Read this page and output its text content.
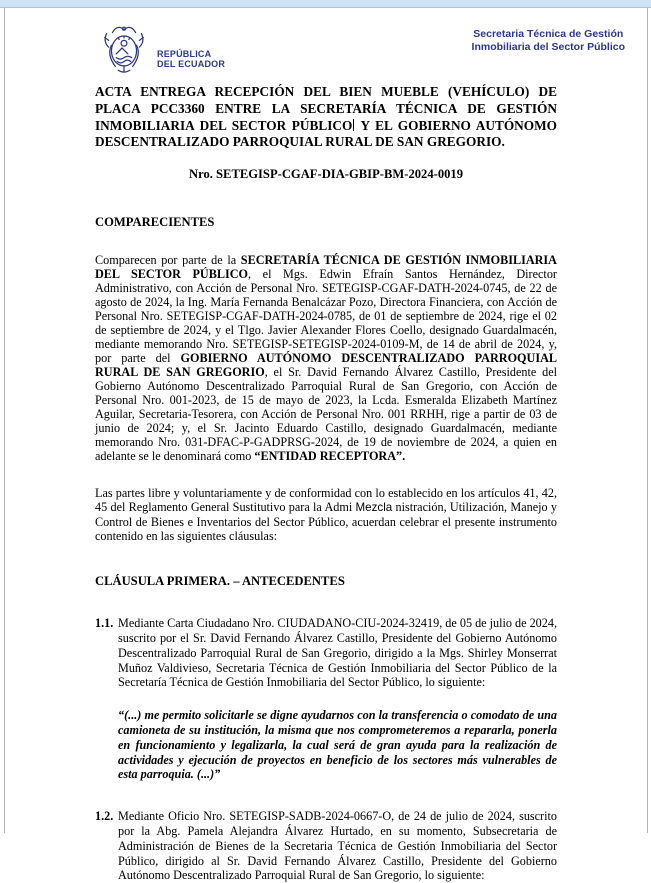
REPÚBLICA
DEL ECUADOR
Secretaria Técnica de Gestión
Inmobiliaria del Sector Público
ACTA ENTREGA RECEPCIÓN DEL BIEN MUEBLE (VEHÍCULO) DE PLACA PCC3360 ENTRE LA SECRETARÍA TÉCNICA DE GESTIÓN INMOBILIARIA DEL SECTOR PÚBLICO Y EL GOBIERNO AUTÓNOMO DESCENTRALIZADO PARROQUIAL RURAL DE SAN GREGORIO.
Nro. SETEGISP-CGAF-DIA-GBIP-BM-2024-0019
COMPARECIENTES

Comparecen por parte de la SECRETARÍA TÉCNICA DE GESTIÓN INMOBILIARIA DEL SECTOR PÚBLICO, el Mgs. Edwin Efraín Santos Hernández, Director Administrativo, con Acción de Personal Nro. SETEGISP-CGAF-DATH-2024-0745, de 22 de agosto de 2024, la Ing. María Fernanda Benalcázar Pozo, Directora Financiera, con Acción de Personal Nro. SETEGISP-CGAF-DATH-2024-0785, de 01 de septiembre de 2024, rige el 02 de septiembre de 2024, y el Tlgo. Javier Alexander Flores Coello, designado Guardalmacén, mediante memorando Nro. SETEGISP-SETEGISP-2024-0109-M, de 14 de abril de 2024, y, por parte del GOBIERNO AUTÓNOMO DESCENTRALIZADO PARROQUIAL RURAL DE SAN GREGORIO, el Sr. David Fernando Álvarez Castillo, Presidente del Gobierno Autónomo Descentralizado Parroquial Rural de San Gregorio, con Acción de Personal Nro. 001-2023, de 15 de mayo de 2023, la Lcda. Esmeralda Elizabeth Martínez Aguilar, Secretaria-Tesorera, con Acción de Personal Nro. 001 RRHH, rige a partir de 03 de junio de 2024; y, el Sr. Jacinto Eduardo Castillo, designado Guardalmacén, mediante memorando Nro. 031-DFAC-P-GADPRSG-2024, de 19 de noviembre de 2024, a quien en adelante se le denominará como “ENTIDAD RECEPTORA”.

Las partes libre y voluntariamente y de conformidad con lo establecido en los artículos 41, 42, 45 del Reglamento General Sustitutivo para la Admi Mezcla nistración, Utilización, Manejo y Control de Bienes e Inventarios del Sector Público, acuerdan celebrar el presente instrumento contenido en las siguientes cláusulas:

CLÁUSULA PRIMERA. – ANTECEDENTES
1.1. Mediante Carta Ciudadano Nro. CIUDADANO-CIU-2024-32419, de 05 de julio de 2024, suscrito por el Sr. David Fernando Álvarez Castillo, Presidente del Gobierno Autónomo Descentralizado Parroquial Rural de San Gregorio, dirigido a la Mgs. Shirley Monserrat Muñoz Valdivieso, Secretaria Técnica de Gestión Inmobiliaria del Sector Público de la Secretaría Técnica de Gestión Inmobiliaria del Sector Público, lo siguiente:

“(...) me permito solicitarle se digne ayudarnos con la transferencia o comodato de una camioneta de su institución, la misma que nos comprometeremos a repararla, ponerla en funcionamiento y legalizarla, la cual será de gran ayuda para la realización de actividades y ejecución de proyectos en beneficio de los sectores más vulnerables de esta parroquia. (...)”

1.2. Mediante Oficio Nro. SETEGISP-SADB-2024-0667-O, de 24 de julio de 2024, suscrito por la Abg. Pamela Alejandra Álvarez Hurtado, en su momento, Subsecretaria de Administración de Bienes de la Secretaria Técnica de Gestión Inmobiliaria del Sector Público, dirigido al Sr. David Fernando Álvarez Castillo, Presidente del Gobierno Autónomo Descentralizado Parroquial Rural de San Gregorio, lo siguiente:
